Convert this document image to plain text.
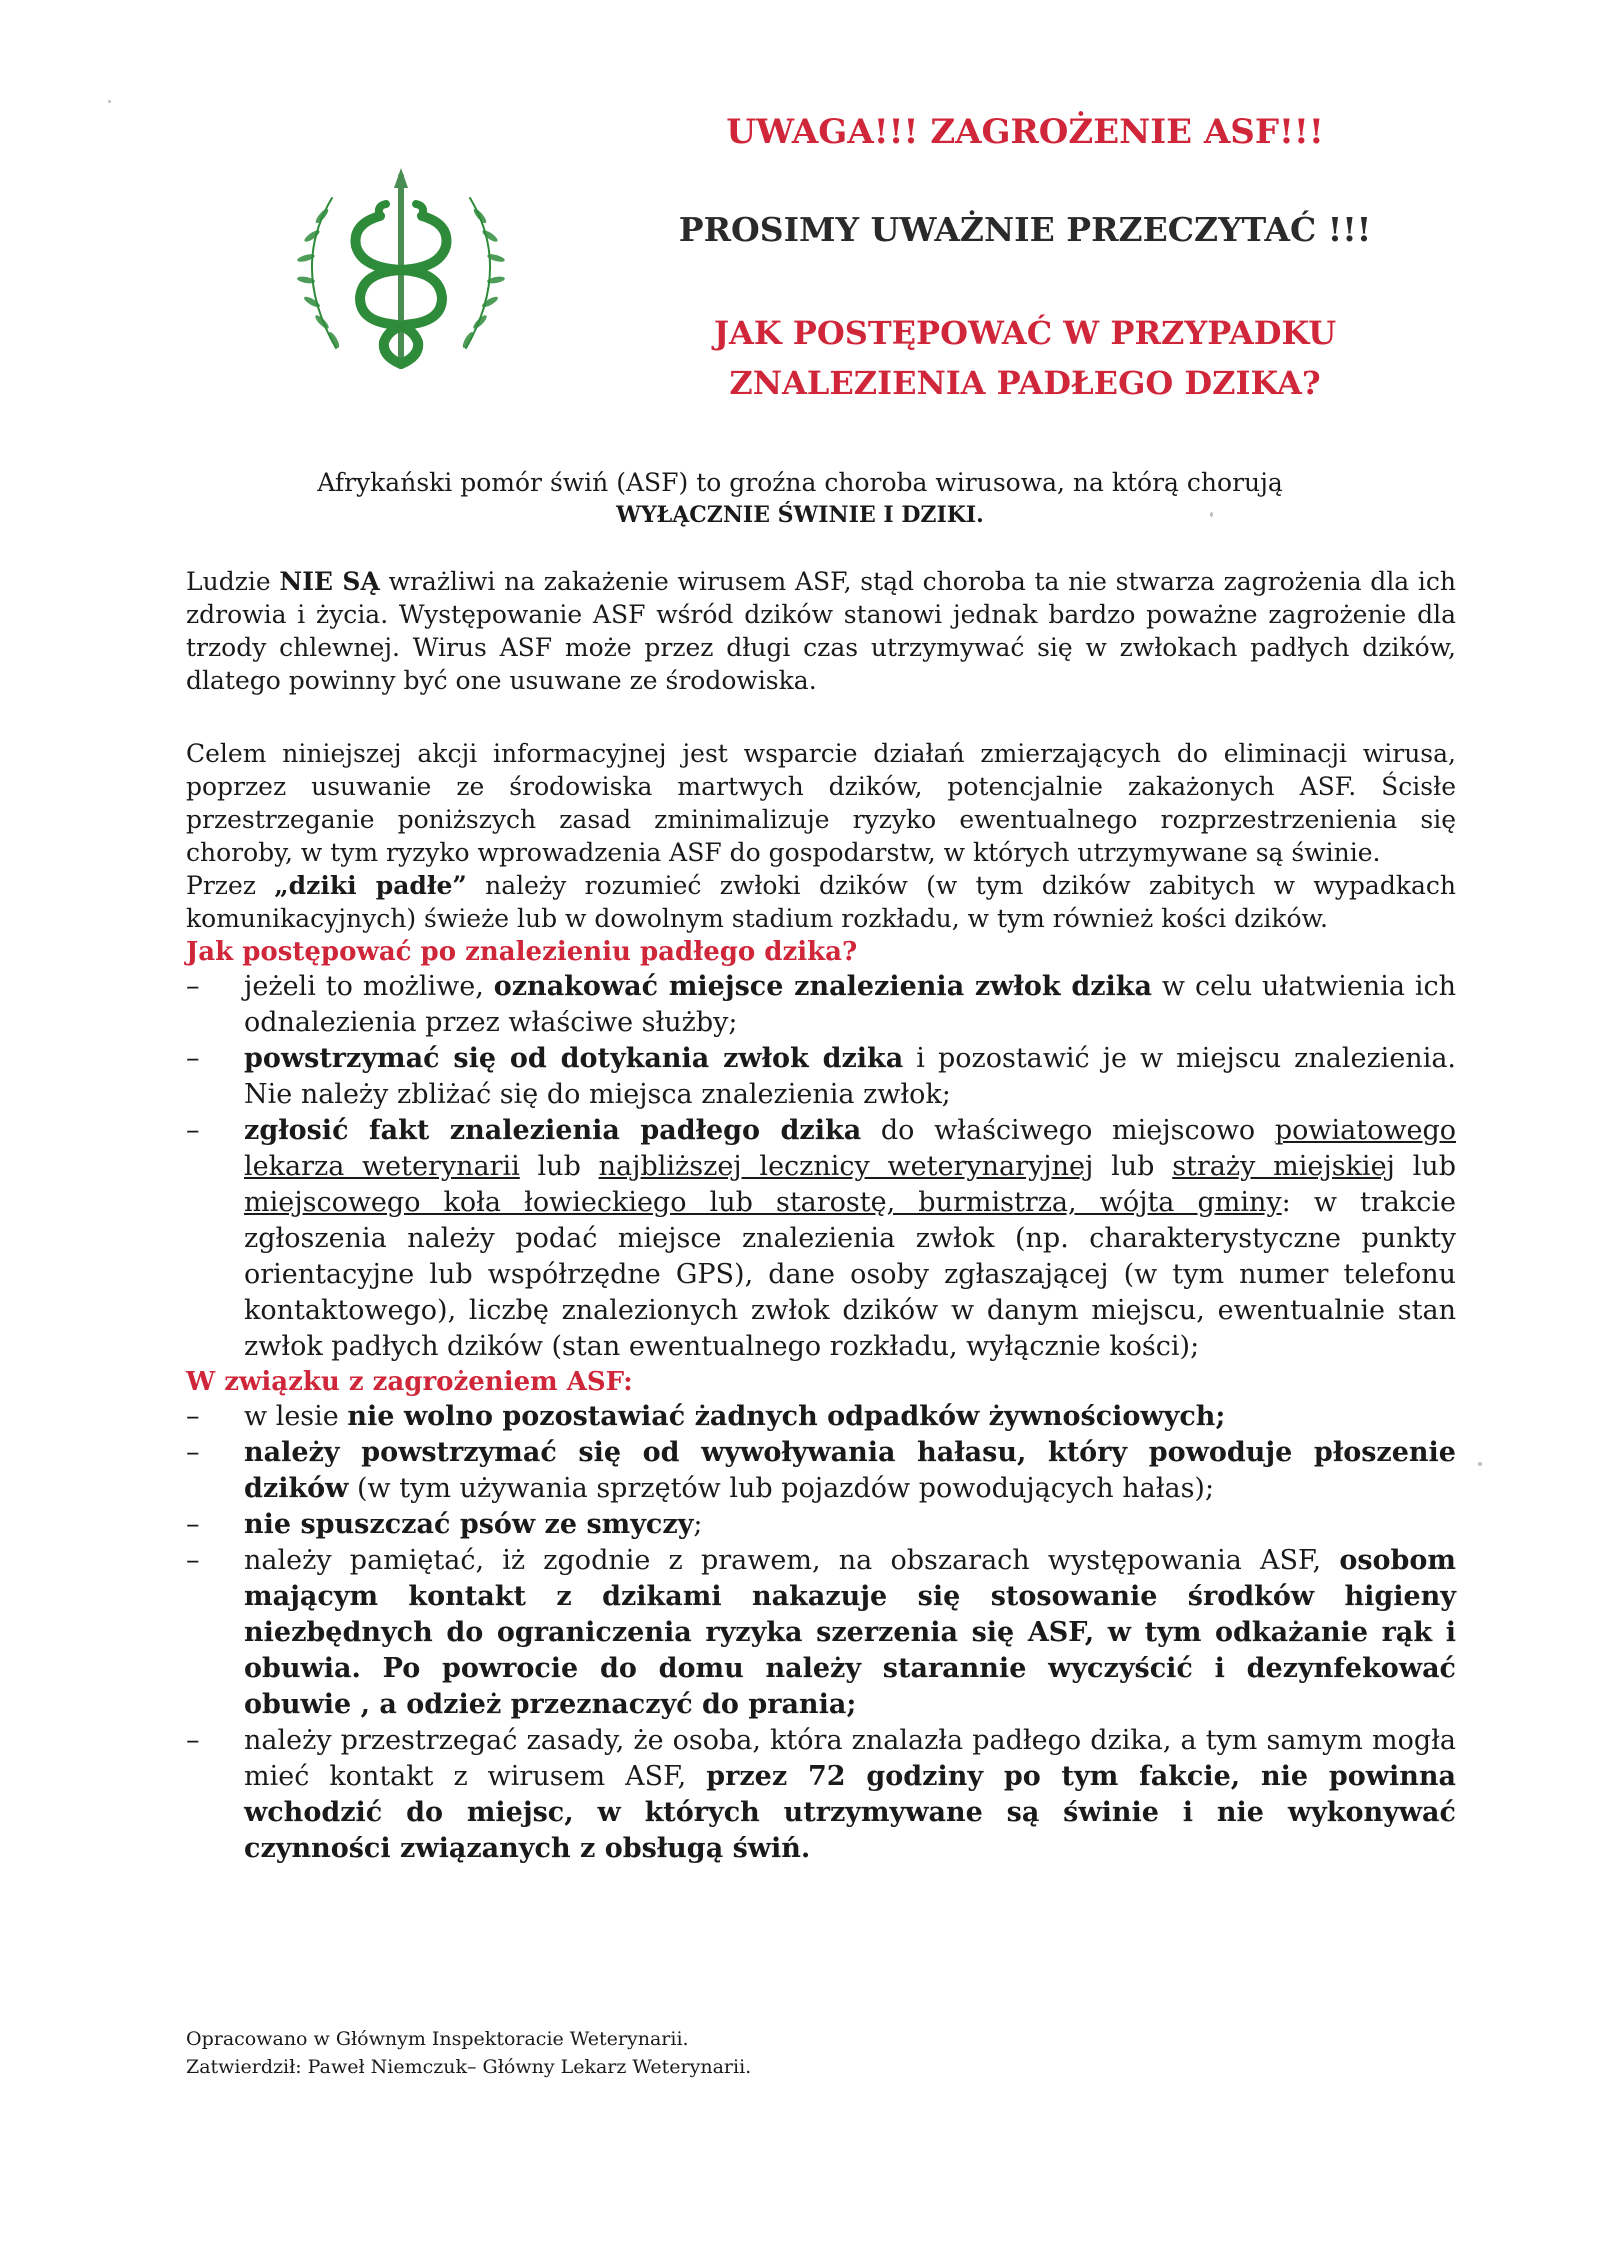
UWAGA!!! ZAGROŻENIE ASF!!!
PROSIMY UWAŻNIE PRZECZYTAĆ !!!
JAK POSTĘPOWAĆ W PRZYPADKU
ZNALEZIENIA PADŁEGO DZIKA?

Afrykański pomór świń (ASF) to groźna choroba wirusowa, na którą chorują

WYŁĄCZNIE ŚWINIE I DZIKI.

Ludzie NIE SĄ wrażliwi na zakażenie wirusem ASF, stąd choroba ta nie stwarza zagrożenia dla ich zdrowia i życia. Występowanie ASF wśród dzików stanowi jednak bardzo poważne zagrożenie dla trzody chlewnej. Wirus ASF może przez długi czas utrzymywać się w zwłokach padłych dzików, dlatego powinny być one usuwane ze środowiska.

Celem niniejszej akcji informacyjnej jest wsparcie działań zmierzających do eliminacji wirusa, poprzez usuwanie ze środowiska martwych dzików, potencjalnie zakażonych ASF. Ścisłe przestrzeganie poniższych zasad zminimalizuje ryzyko ewentualnego rozprzestrzenienia się choroby, w tym ryzyko wprowadzenia ASF do gospodarstw, w których utrzymywane są świnie.

Przez „dziki padłe” należy rozumieć zwłoki dzików (w tym dzików zabitych w wypadkach komunikacyjnych) świeże lub w dowolnym stadium rozkładu, w tym również kości dzików.

Jak postępować po znalezieniu padłego dzika?

– jeżeli to możliwe, oznakować miejsce znalezienia zwłok dzika w celu ułatwienia ich odnalezienia przez właściwe służby;
– powstrzymać się od dotykania zwłok dzika i pozostawić je w miejscu znalezienia. Nie należy zbliżać się do miejsca znalezienia zwłok;
– zgłosić fakt znalezienia padłego dzika do właściwego miejscowo powiatowego lekarza weterynarii lub najbliższej lecznicy weterynaryjnej lub straży miejskiej lub miejscowego koła łowieckiego lub starostę, burmistrza, wójta gminy: w trakcie zgłoszenia należy podać miejsce znalezienia zwłok (np. charakterystyczne punkty orientacyjne lub współrzędne GPS), dane osoby zgłaszającej (w tym numer telefonu kontaktowego), liczbę znalezionych zwłok dzików w danym miejscu, ewentualnie stan zwłok padłych dzików (stan ewentualnego rozkładu, wyłącznie kości);

W związku z zagrożeniem ASF:

– w lesie nie wolno pozostawiać żadnych odpadków żywnościowych;
– należy powstrzymać się od wywoływania hałasu, który powoduje płoszenie dzików (w tym używania sprzętów lub pojazdów powodujących hałas);
– nie spuszczać psów ze smyczy;
– należy pamiętać, iż zgodnie z prawem, na obszarach występowania ASF, osobom mającym kontakt z dzikami nakazuje się stosowanie środków higieny niezbędnych do ograniczenia ryzyka szerzenia się ASF, w tym odkażanie rąk i obuwia. Po powrocie do domu należy starannie wyczyścić i dezynfekować obuwie , a odzież przeznaczyć do prania;
– należy przestrzegać zasady, że osoba, która znalazła padłego dzika, a tym samym mogła mieć kontakt z wirusem ASF, przez 72 godziny po tym fakcie, nie powinna wchodzić do miejsc, w których utrzymywane są świnie i nie wykonywać czynności związanych z obsługą świń.

Opracowano w Głównym Inspektoracie Weterynarii.

Zatwierdził: Paweł Niemczuk– Główny Lekarz Weterynarii.
